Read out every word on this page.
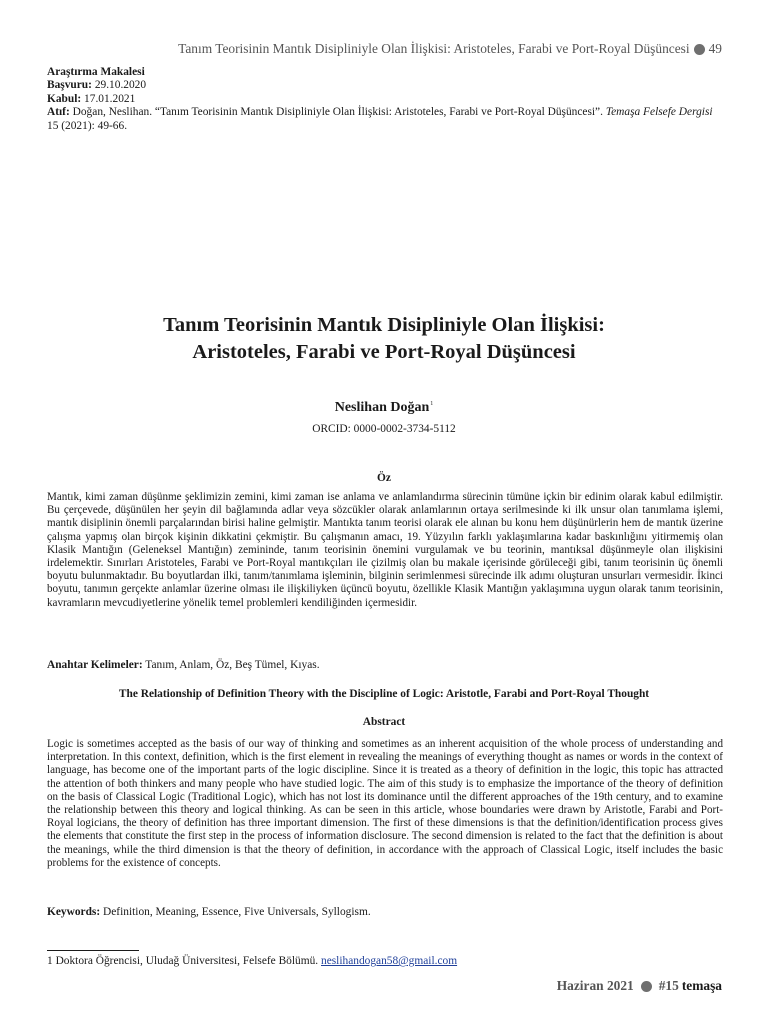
Tanım Teorisinin Mantık Disipliniyle Olan İlişkisi: Aristoteles, Farabi ve Port-Royal Düşüncesi 49
Araştırma Makalesi
Başvuru: 29.10.2020
Kabul: 17.01.2021
Atıf: Doğan, Neslihan. “Tanım Teorisinin Mantık Disipliniyle Olan İlişkisi: Aristoteles, Farabi ve Port-Royal Düşüncesi”. Temaşa Felsefe Dergisi 15 (2021): 49-66.
Tanım Teorisinin Mantık Disipliniyle Olan İlişkisi:
Aristoteles, Farabi ve Port-Royal Düşüncesi
Neslihan Doğan$^1$
ORCID: 0000-0002-3734-5112
Öz
Mantık, kimi zaman düşünme şeklimizin zemini, kimi zaman ise anlama ve anlamlandırma sürecinin tümüne içkin bir edinim olarak kabul edilmiştir. Bu çerçevede, düşünülen her şeyin dil bağlamında adlar veya sözcükler olarak anlamlarının ortaya serilmesinde ki ilk unsur olan tanımlama işlemi, mantık disiplinin önemli parçalarından birisi haline gelmiştir. Mantıkta tanım teorisi olarak ele alınan bu konu hem düşünürlerin hem de mantık üzerine çalışma yapmış olan birçok kişinin dikkatini çekmiştir. Bu çalışmanın amacı, 19. Yüzyılın farklı yaklaşımlarına kadar baskınlığını yitirmemiş olan Klasik Mantığın (Geleneksel Mantığın) zemininde, tanım teorisinin önemini vurgulamak ve bu teorinin, mantıksal düşünmeyle olan ilişkisini irdelemektir. Sınırları Aristoteles, Farabi ve Port-Royal mantıkçıları ile çizilmiş olan bu makale içerisinde görüleceği gibi, tanım teorisinin üç önemli boyutu bulunmaktadır. Bu boyutlardan ilki, tanım/tanımlama işleminin, bilginin serimlenmesi sürecinde ilk adımı oluşturan unsurları vermesidir. İkinci boyutu, tanımın gerçekte anlamlar üzerine olması ile ilişkiliyken üçüncü boyutu, özellikle Klasik Mantığın yaklaşımına uygun olarak tanım teorisinin, kavramların mevcudiyetlerine yönelik temel problemleri kendiliğinden içermesidir.
Anahtar Kelimeler: Tanım, Anlam, Öz, Beş Tümel, Kıyas.
The Relationship of Definition Theory with the Discipline of Logic: Aristotle, Farabi and Port-Royal Thought
Abstract
Logic is sometimes accepted as the basis of our way of thinking and sometimes as an inherent acquisition of the whole process of understanding and interpretation. In this context, definition, which is the first element in revealing the meanings of everything thought as names or words in the context of language, has become one of the important parts of the logic discipline. Since it is treated as a theory of definition in the logic, this topic has attracted the attention of both thinkers and many people who have studied logic. The aim of this study is to emphasize the importance of the theory of definition on the basis of Classical Logic (Traditional Logic), which has not lost its dominance until the different approaches of the 19th century, and to examine the relationship between this theory and logical thinking. As can be seen in this article, whose boundaries were drawn by Aristotle, Farabi and Port-Royal logicians, the theory of definition has three important dimension. The first of these dimensions is that the definition/identification process gives the elements that constitute the first step in the process of information disclosure. The second dimension is related to the fact that the definition is about the meanings, while the third dimension is that the theory of definition, in accordance with the approach of Classical Logic, itself includes the basic problems for the existence of concepts.
Keywords: Definition, Meaning, Essence, Five Universals, Syllogism.
1 Doktora Öğrencisi, Uludağ Üniversitesi, Felsefe Bölümü. neslihandogan58@gmail.com
Haziran 2021 #15 temaşa
